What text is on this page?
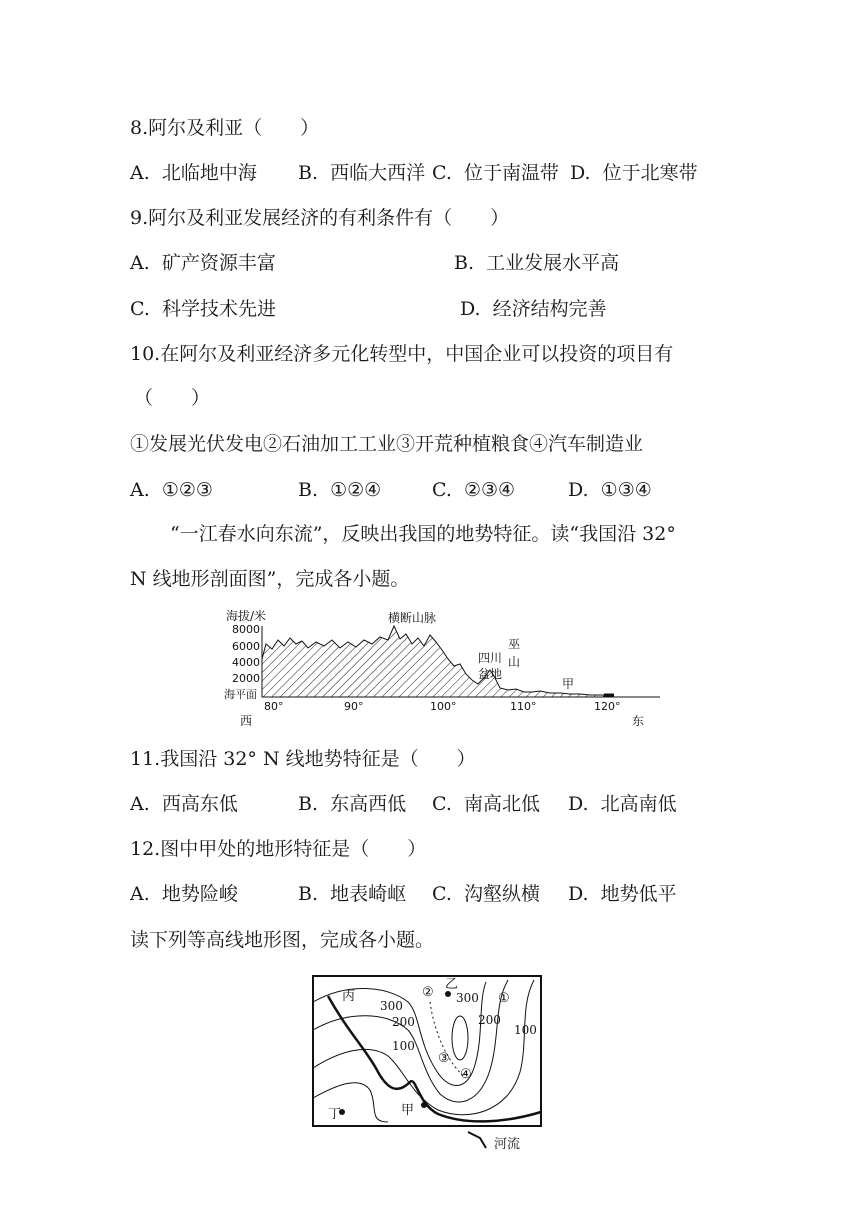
8.阿尔及利亚（　　）
A.  北临地中海 B.  西临大西洋 C.  位于南温带 D.  位于北寒带
9.阿尔及利亚发展经济的有利条件有（　　）
A.  矿产资源丰富	B.  工业发展水平高
C.  科学技术先进	D.  经济结构完善
10.在阿尔及利亚经济多元化转型中，中国企业可以投资的项目有
（　　）
①发展光伏发电②石油加工工业③开荒种植粮食④汽车制造业
A.  ①②③	B.  ①②④	C.  ②③④	D.  ①③④
“一江春水向东流”，反映出我国的地势特征。读“我国沿 32°
N 线地形剖面图”，完成各小题。
海拔/米
8000
6000
4000
2000
海平面
横断山脉
四川
盆地
巫
山
甲
80°	90°	100°	110°	120°
西	东
11.我国沿 32° N 线地势特征是（　　）
A.  西高东低	B.  东高西低 C.  南高北低 D.  北高南低
12.图中甲处的地形特征是（　　）
A.  地势险峻	B.  地表崎岖 C.  沟壑纵横 D.  地势低平
读下列等高线地形图，完成各小题。
丙
乙
丁	甲
①
②
③
④
300
300
200	200
100
100
河流
